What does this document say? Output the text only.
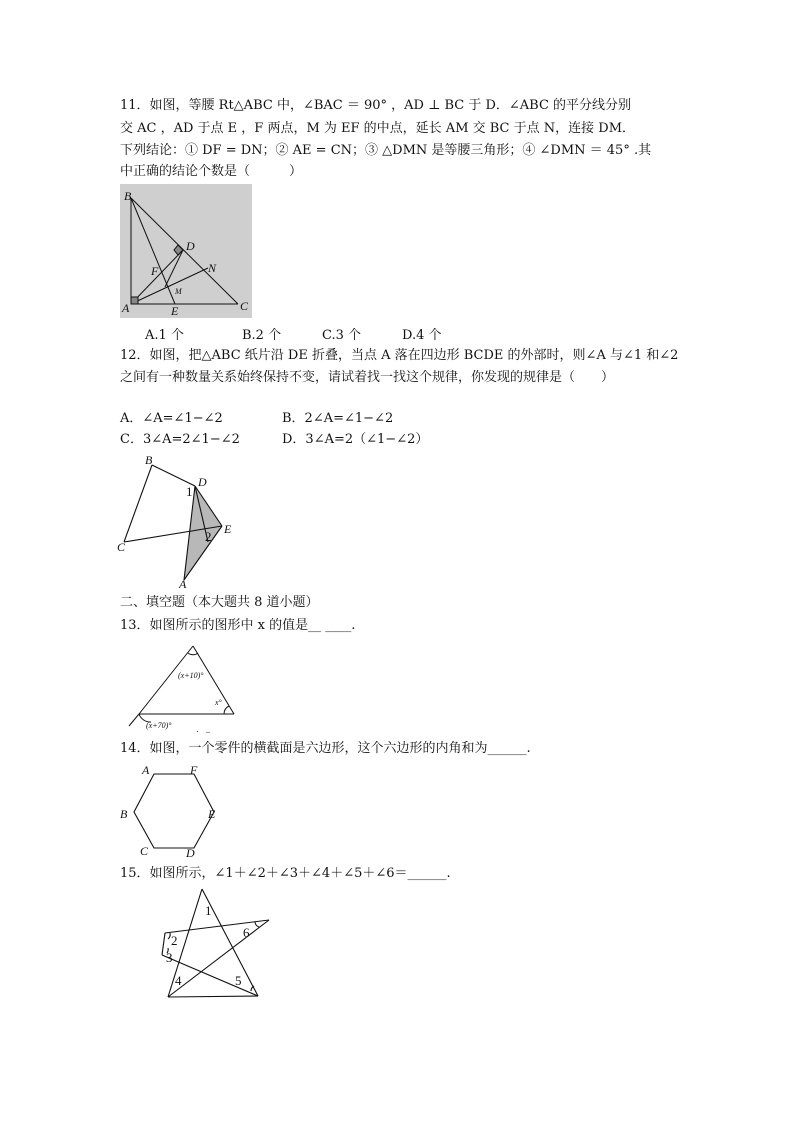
11．如图，等腰 Rt△ABC 中，∠BAC ＝ 90° ，AD ⊥ BC 于 D．∠ABC 的平分线分别
交 AC ，AD 于点 E ，F 两点，M 为 EF 的中点，延长 AM 交 BC 于点 N，连接 DM．
下列结论：① DF = DN；② AE = CN；③ △DMN 是等腰三角形；④ ∠DMN ＝ 45° .其
中正确的结论个数是（　　　）
B
D
F	N
M
A	E	C
A.1 个	B.2 个	C.3 个	D.4 个
12．如图，把△ABC 纸片沿 DE 折叠，当点 A 落在四边形 BCDE 的外部时，则∠A 与∠1 和∠2
之间有一种数量关系始终保持不变，请试着找一找这个规律，你发现的规律是（　　）
A．∠A=∠1−∠2	B．2∠A=∠1−∠2
C．3∠A=2∠1−∠2	D．3∠A=2（∠1−∠2）
B
D
1
E
2
C
A
二、填空题（本大题共 8 道小题）
13．如图所示的图形中 x 的值是__ ____.
(x+10)°
x°
(x+70)°	． _
14．如图，一个零件的横截面是六边形，这个六边形的内角和为______.
A	F
B	E
C	D
15．如图所示，∠1＋∠2＋∠3＋∠4＋∠5＋∠6＝______.
1
2
3
4	5
6
